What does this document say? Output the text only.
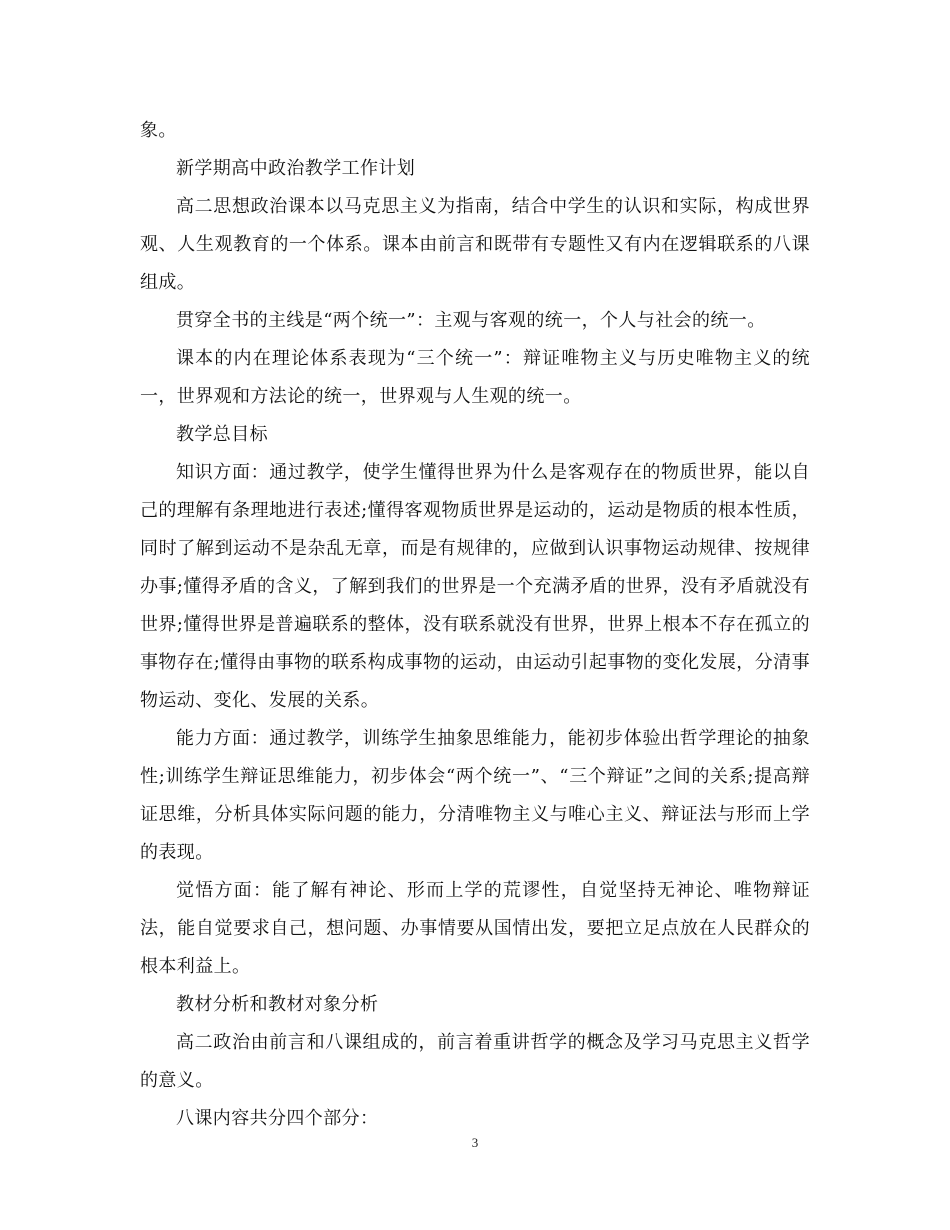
象。

新学期高中政治教学工作计划

高二思想政治课本以马克思主义为指南，结合中学生的认识和实际，构成世界观、人生观教育的一个体系。课本由前言和既带有专题性又有内在逻辑联系的八课组成。

贯穿全书的主线是“两个统一”：主观与客观的统一，个人与社会的统一。

课本的内在理论体系表现为“三个统一”：辩证唯物主义与历史唯物主义的统一，世界观和方法论的统一，世界观与人生观的统一。

教学总目标

知识方面：通过教学，使学生懂得世界为什么是客观存在的物质世界，能以自己的理解有条理地进行表述;懂得客观物质世界是运动的，运动是物质的根本性质，同时了解到运动不是杂乱无章，而是有规律的，应做到认识事物运动规律、按规律办事;懂得矛盾的含义，了解到我们的世界是一个充满矛盾的世界，没有矛盾就没有世界;懂得世界是普遍联系的整体，没有联系就没有世界，世界上根本不存在孤立的事物存在;懂得由事物的联系构成事物的运动，由运动引起事物的变化发展，分清事物运动、变化、发展的关系。

能力方面：通过教学，训练学生抽象思维能力，能初步体验出哲学理论的抽象性;训练学生辩证思维能力，初步体会“两个统一”、“三个辩证”之间的关系;提高辩证思维，分析具体实际问题的能力，分清唯物主义与唯心主义、辩证法与形而上学的表现。

觉悟方面：能了解有神论、形而上学的荒谬性，自觉坚持无神论、唯物辩证法，能自觉要求自己，想问题、办事情要从国情出发，要把立足点放在人民群众的根本利益上。

教材分析和教材对象分析

高二政治由前言和八课组成的，前言着重讲哲学的概念及学习马克思主义哲学的意义。

八课内容共分四个部分：

3
